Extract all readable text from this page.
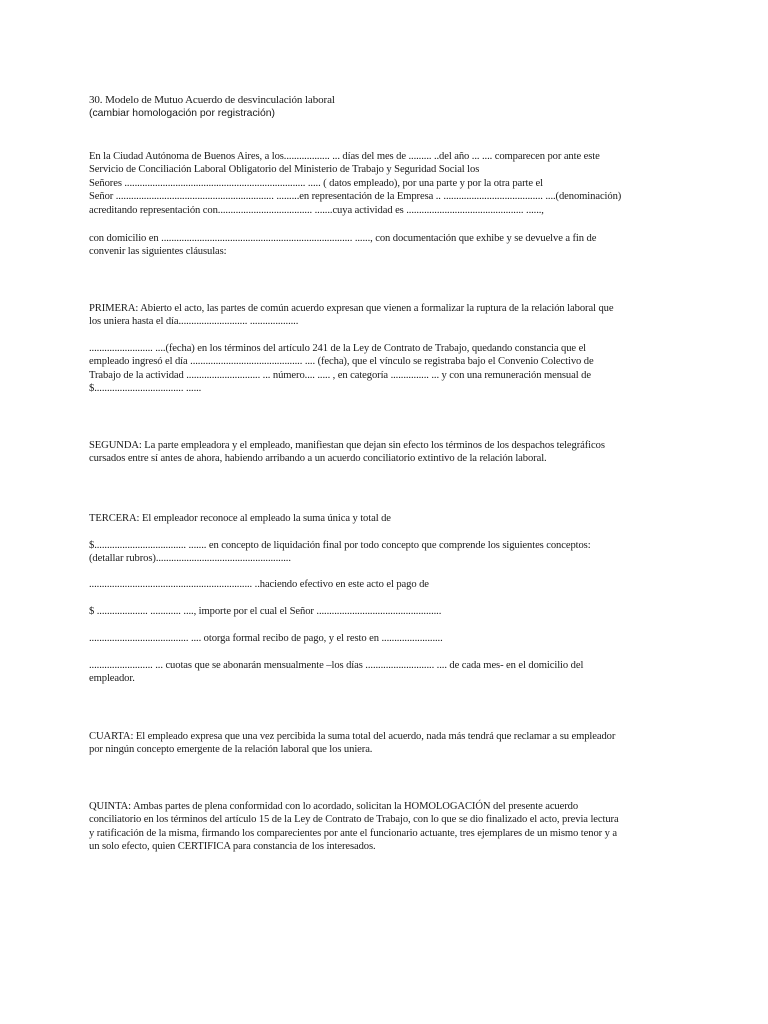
30. Modelo de Mutuo Acuerdo de desvinculación laboral
(cambiar homologación por registración)
En la Ciudad Autónoma de Buenos Aires, a los.................. ... días del mes de ......... ..del año ... .... comparecen por ante este
Servicio de Conciliación Laboral Obligatorio del Ministerio de Trabajo y Seguridad Social los
Señores ....................................................................... ..... ( datos empleado), por una parte y por la otra parte el
Señor .............................................................. .........en representación de la Empresa .. ....................................... ....(denominación)
acreditando representación con..................................... .......cuya actividad es .............................................. ......,
con domicilio en ........................................................................... ......, con documentación que exhibe y se devuelve a fin de
convenir las siguientes cláusulas:
PRIMERA: Abierto el acto, las partes de común acuerdo expresan que vienen a formalizar la ruptura de la relación laboral que
los uniera hasta el día........................... ...................
......................... ....(fecha) en los términos del artículo 241 de la Ley de Contrato de Trabajo, quedando constancia que el
empleado ingresó el día ............................................ .... (fecha), que el vínculo se registraba bajo el Convenio Colectivo de
Trabajo de la actividad ............................. ... número.... ..... , en categoría ............... ... y con una remuneración mensual de
$................................... ......
SEGUNDA: La parte empleadora y el empleado, manifiestan que dejan sin efecto los términos de los despachos telegráficos
cursados entre sí antes de ahora, habiendo arribando a un acuerdo conciliatorio extintivo de la relación laboral.
TERCERA: El empleador reconoce al empleado la suma única y total de
$.................................... ....... en concepto de liquidación final por todo concepto que comprende los siguientes conceptos:
(detallar rubros).....................................................
................................................................ ..haciendo efectivo en este acto el pago de
$ .................... ............ ...., importe por el cual el Señor .................................................
....................................... .... otorga formal recibo de pago, y el resto en ........................
......................... ... cuotas que se abonarán mensualmente –los días ........................... .... de cada mes- en el domicilio del
empleador.
CUARTA: El empleado expresa que una vez percibida la suma total del acuerdo, nada más tendrá que reclamar a su empleador
por ningún concepto emergente de la relación laboral que los uniera.
QUINTA: Ambas partes de plena conformidad con lo acordado, solicitan la HOMOLOGACIÓN del presente acuerdo
conciliatorio en los términos del artículo 15 de la Ley de Contrato de Trabajo, con lo que se dio finalizado el acto, previa lectura
y ratificación de la misma, firmando los comparecientes por ante el funcionario actuante, tres ejemplares de un mismo tenor y a
un solo efecto, quien CERTIFICA para constancia de los interesados.
